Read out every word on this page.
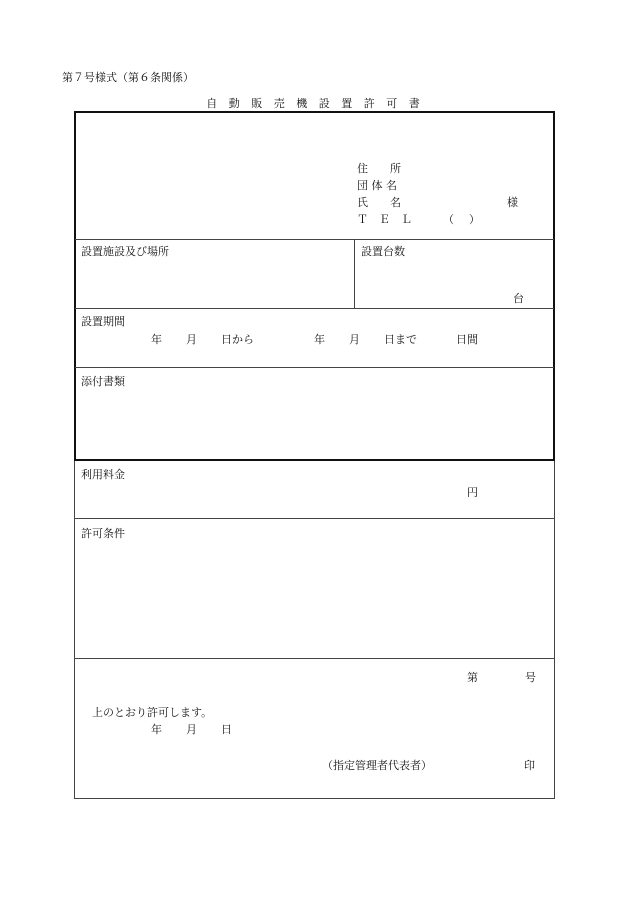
第７号様式（第６条関係）
自 動 販 売 機 設 置 許 可 書
住　　所
団 体 名
氏　　名	様
Ｔ　Ｅ　Ｌ	（ ）
設置施設及び場所	設置台数
台
設置期間
年 月 日から	年 月 日まで	日間
添付書類
利用料金
円
許可条件
第	号
上のとおり許可します。
年 月 日
（指定管理者代表者）	印
